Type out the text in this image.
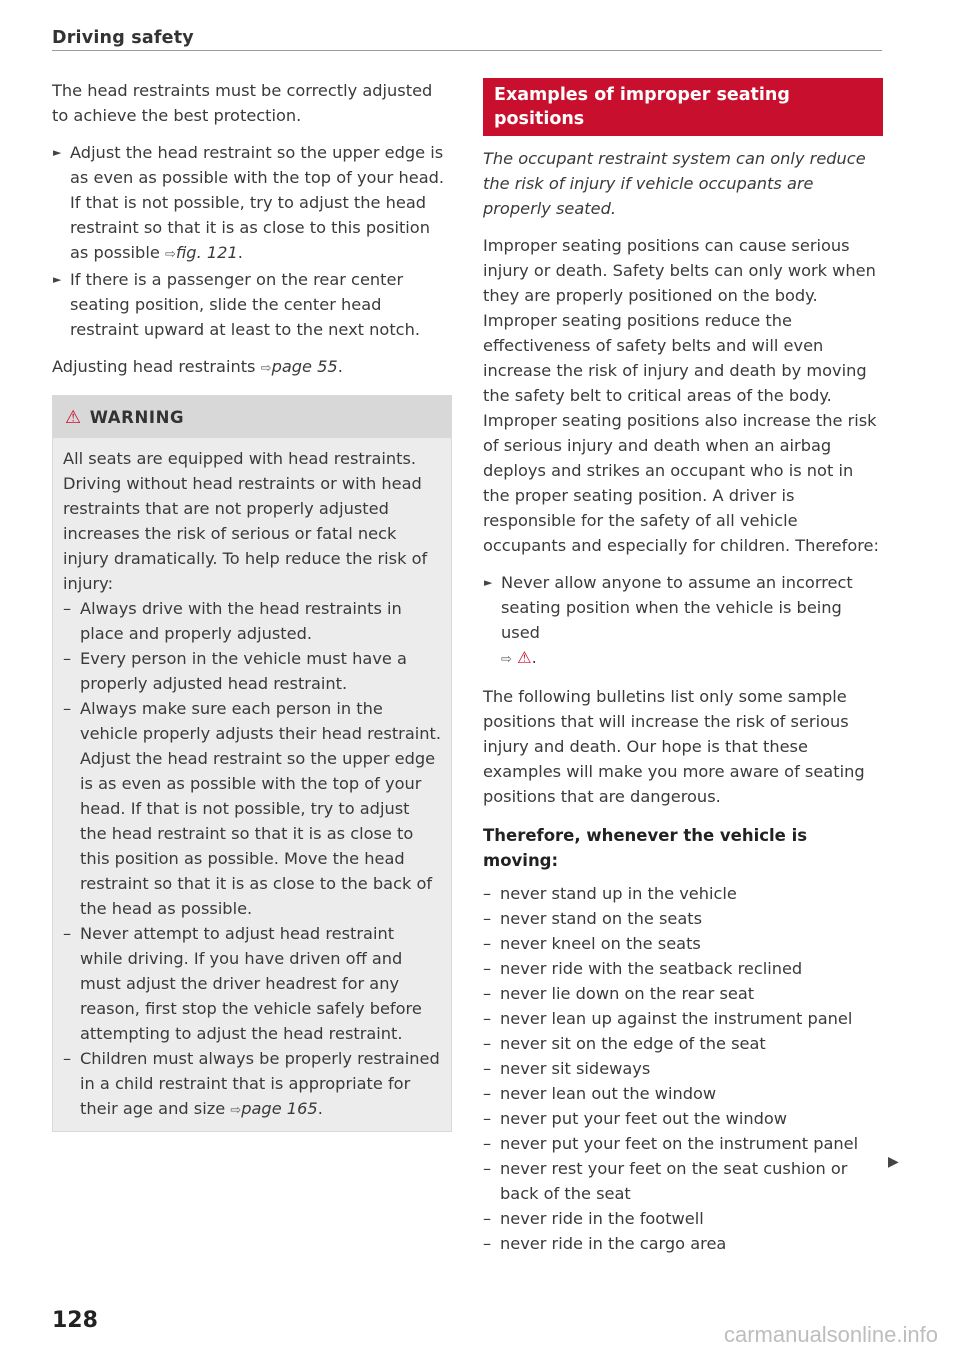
Driving safety

The head restraints must be correctly adjusted to achieve the best protection.

► Adjust the head restraint so the upper edge is as even as possible with the top of your head. If that is not possible, try to adjust the head restraint so that it is as close to this position as possible ⇨fig. 121.
► If there is a passenger on the rear center seating position, slide the center head restraint upward at least to the next notch.

Adjusting head restraints ⇨page 55.

⚠ WARNING

All seats are equipped with head restraints. Driving without head restraints or with head restraints that are not properly adjusted increases the risk of serious or fatal neck injury dramatically. To help reduce the risk of injury:

– Always drive with the head restraints in place and properly adjusted.
– Every person in the vehicle must have a properly adjusted head restraint.
– Always make sure each person in the vehicle properly adjusts their head restraint. Adjust the head restraint so the upper edge is as even as possible with the top of your head. If that is not possible, try to adjust the head restraint so that it is as close to this position as possible. Move the head restraint so that it is as close to the back of the head as possible.
– Never attempt to adjust head restraint while driving. If you have driven off and must adjust the driver headrest for any reason, first stop the vehicle safely before attempting to adjust the head restraint.
– Children must always be properly restrained in a child restraint that is appropriate for their age and size ⇨page 165.
Examples of improper seating positions

The occupant restraint system can only reduce the risk of injury if vehicle occupants are properly seated.

Improper seating positions can cause serious injury or death. Safety belts can only work when they are properly positioned on the body. Improper seating positions reduce the effectiveness of safety belts and will even increase the risk of injury and death by moving the safety belt to critical areas of the body. Improper seating positions also increase the risk of serious injury and death when an airbag deploys and strikes an occupant who is not in the proper seating position. A driver is responsible for the safety of all vehicle occupants and especially for children. Therefore:

► Never allow anyone to assume an incorrect seating position when the vehicle is being used
⇨ ⚠.

The following bulletins list only some sample positions that will increase the risk of serious injury and death. Our hope is that these examples will make you more aware of seating positions that are dangerous.

Therefore, whenever the vehicle is moving:
– never stand up in the vehicle
– never stand on the seats
– never kneel on the seats
– never ride with the seatback reclined
– never lie down on the rear seat
– never lean up against the instrument panel
– never sit on the edge of the seat
– never sit sideways
– never lean out the window
– never put your feet out the window
– never put your feet on the instrument panel
– never rest your feet on the seat cushion or back of the seat
– never ride in the footwell
– never ride in the cargo area
▶
128
carmanualsonline.info
